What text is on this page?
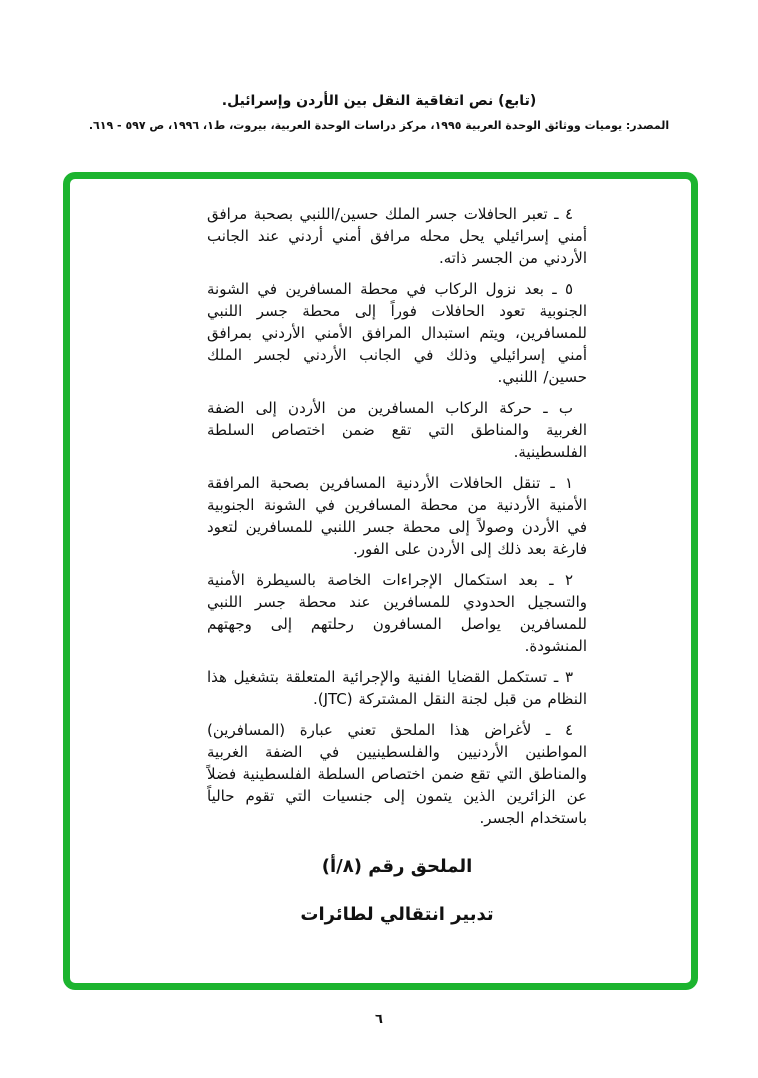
(تابع) نص اتفاقية النقل بين الأردن وإسرائيل.
المصدر: يوميات ووثائق الوحدة العربية ١٩٩٥، مركز دراسات الوحدة العربية، بيروت، ط١، ١٩٩٦، ص ٥٩٧ - ٦١٩.

٤ ـ تعبر الحافلات جسر الملك حسين/اللنبي بصحبة مرافق أمني إسرائيلي يحل محله مرافق أمني أردني عند الجانب الأردني من الجسر ذاته.

٥ ـ بعد نزول الركاب في محطة المسافرين في الشونة الجنوبية تعود الحافلات فوراً إلى محطة جسر اللنبي للمسافرين، ويتم استبدال المرافق الأمني الأردني بمرافق أمني إسرائيلي وذلك في الجانب الأردني لجسر الملك حسين/ اللنبي.

ب ـ حركة الركاب المسافرين من الأردن إلى الضفة الغربية والمناطق التي تقع ضمن اختصاص السلطة الفلسطينية.

١ ـ تنقل الحافلات الأردنية المسافرين بصحبة المرافقة الأمنية الأردنية من محطة المسافرين في الشونة الجنوبية في الأردن وصولاً إلى محطة جسر اللنبي للمسافرين لتعود فارغة بعد ذلك إلى الأردن على الفور.

٢ ـ بعد استكمال الإجراءات الخاصة بالسيطرة الأمنية والتسجيل الحدودي للمسافرين عند محطة جسر اللنبي للمسافرين يواصل المسافرون رحلتهم إلى وجهتهم المنشودة.

٣ ـ تستكمل القضايا الفنية والإجرائية المتعلقة بتشغيل هذا النظام من قبل لجنة النقل المشتركة (JTC).

٤ ـ لأغراض هذا الملحق تعني عبارة (المسافرين) المواطنين الأردنيين والفلسطينيين في الضفة الغربية والمناطق التي تقع ضمن اختصاص السلطة الفلسطينية فضلاً عن الزائرين الذين يتمون إلى جنسيات التي تقوم حالياً باستخدام الجسر.

الملحق رقم (٨/أ)
تدبير انتقالي لطائرات
٦
